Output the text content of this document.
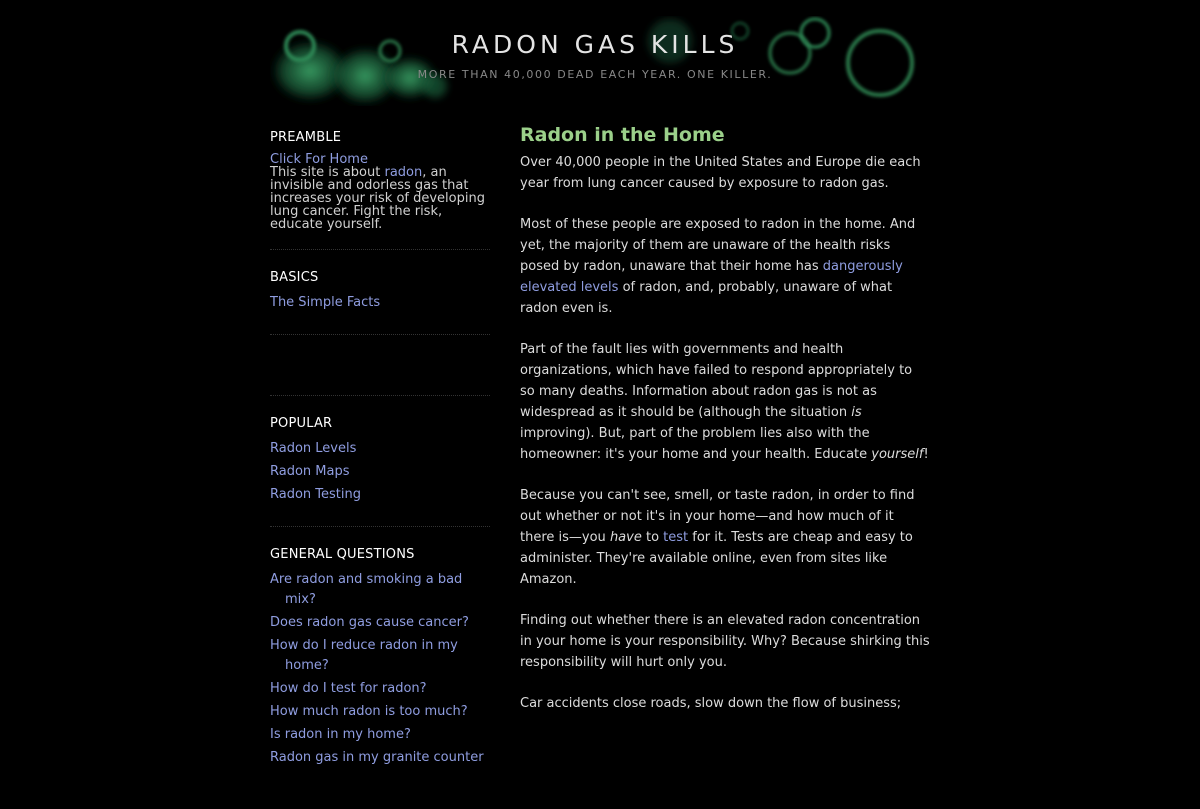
RADON GAS KILLS
MORE THAN 40,000 DEAD EACH YEAR. ONE KILLER.
PREAMBLE
Click For Home
This site is about radon, an invisible and odorless gas that increases your risk of developing lung cancer. Fight the risk, educate yourself.
BASICS
The Simple Facts
POPULAR
Radon Levels
Radon Maps
Radon Testing
GENERAL QUESTIONS
Are radon and smoking a bad mix?
Does radon gas cause cancer?
How do I reduce radon in my home?
How do I test for radon?
How much radon is too much?
Is radon in my home?
Radon gas in my granite counter
Radon in the Home

Over 40,000 people in the United States and Europe die each year from lung cancer caused by exposure to radon gas.

Most of these people are exposed to radon in the home. And yet, the majority of them are unaware of the health risks posed by radon, unaware that their home has dangerously elevated levels of radon, and, probably, unaware of what radon even is.

Part of the fault lies with governments and health organizations, which have failed to respond appropriately to so many deaths. Information about radon gas is not as widespread as it should be (although the situation is improving). But, part of the problem lies also with the homeowner: it's your home and your health. Educate yourself!

Because you can't see, smell, or taste radon, in order to find out whether or not it's in your home—and how much of it there is—you have to test for it. Tests are cheap and easy to administer. They're available online, even from sites like Amazon.

Finding out whether there is an elevated radon concentration in your home is your responsibility. Why? Because shirking this responsibility will hurt only you.

Car accidents close roads, slow down the flow of business;
